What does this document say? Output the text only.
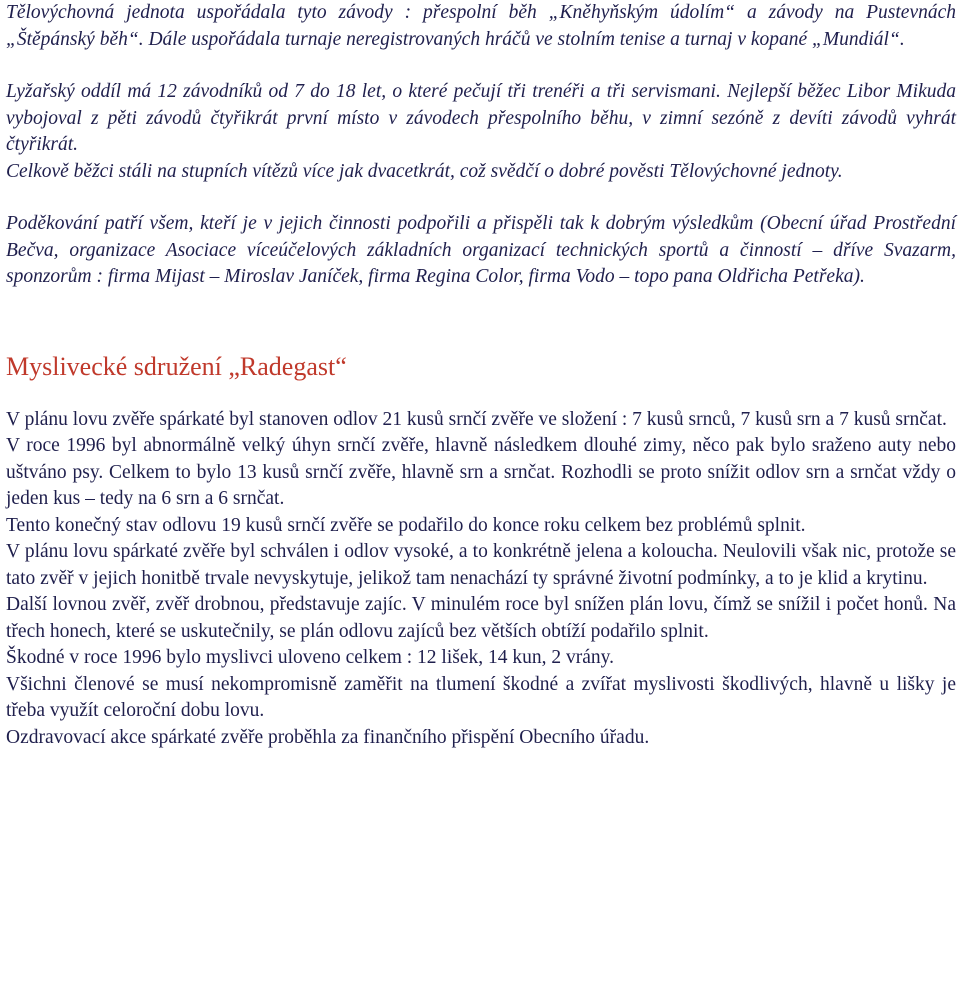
Tělovýchovná jednota uspořádala tyto závody : přespolní běh „Kněhyňským údolím“ a závody na Pustevnách „Štěpánský běh“. Dále uspořádala turnaje neregistrovaných hráčů ve stolním tenise a turnaj v kopané „Mundiál“.

Lyžařský oddíl má 12 závodníků od 7 do 18 let, o které pečují tři trenéři a tři servismani. Nejlepší běžec Libor Mikuda vybojoval z pěti závodů čtyřikrát první místo v závodech přespolního běhu, v zimní sezóně z devíti závodů vyhrát čtyřikrát.

Celkově běžci stáli na stupních vítězů více jak dvacetkrát, což svědčí o dobré pověsti Tělovýchovné jednoty.

Poděkování patří všem, kteří je v jejich činnosti podpořili a přispěli tak k dobrým výsledkům (Obecní úřad Prostřední Bečva, organizace Asociace víceúčelových základních organizací technických sportů a činností – dříve Svazarm, sponzorům : firma Mijast – Miroslav Janíček, firma Regina Color, firma Vodo – topo pana Oldřicha Petřeka).

Myslivecké sdružení „Radegast“

V plánu lovu zvěře spárkaté byl stanoven odlov 21 kusů srnčí zvěře ve složení : 7 kusů srnců, 7 kusů srn a 7 kusů srnčat.

V roce 1996 byl abnormálně velký úhyn srnčí zvěře, hlavně následkem dlouhé zimy, něco pak bylo sraženo auty nebo uštváno psy. Celkem to bylo 13 kusů srnčí zvěře, hlavně srn a srnčat. Rozhodli se proto snížit odlov srn a srnčat vždy o jeden kus – tedy na 6 srn a 6 srnčat.

Tento konečný stav odlovu 19 kusů srnčí zvěře se podařilo do konce roku celkem bez problémů splnit.

V plánu lovu spárkaté zvěře byl schválen i odlov vysoké, a to konkrétně jelena a koloucha. Neulovili však nic, protože se tato zvěř v jejich honitbě trvale nevyskytuje, jelikož tam nenachází ty správné životní podmínky, a to je klid a krytinu.

Další lovnou zvěř, zvěř drobnou, představuje zajíc. V minulém roce byl snížen plán lovu, čímž se snížil i počet honů. Na třech honech, které se uskutečnily, se plán odlovu zajíců bez větších obtíží podařilo splnit.

Škodné v roce 1996 bylo myslivci uloveno celkem : 12 lišek, 14 kun, 2 vrány.

Všichni členové se musí nekompromisně zaměřit na tlumení škodné a zvířat myslivosti škodlivých, hlavně u lišky je třeba využít celoroční dobu lovu.

Ozdravovací akce spárkaté zvěře proběhla za finančního přispění Obecního úřadu.
